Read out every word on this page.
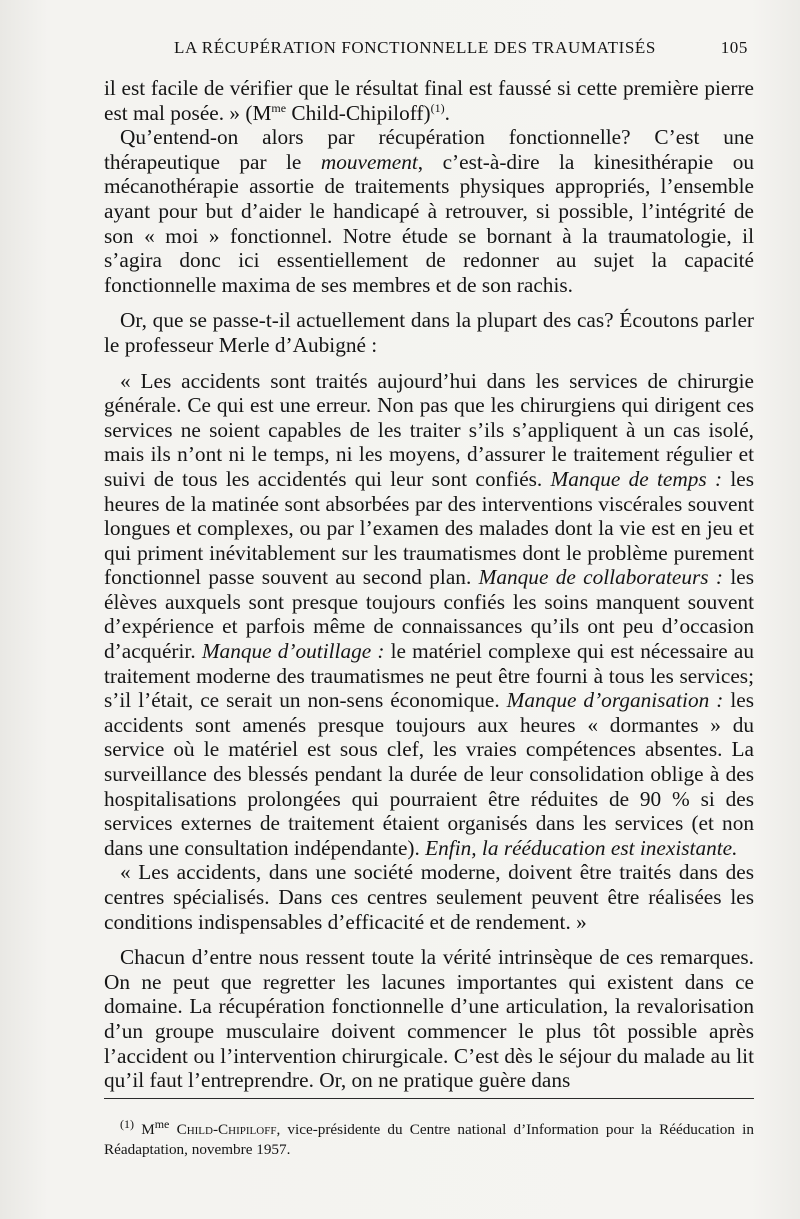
LA RÉCUPÉRATION FONCTIONNELLE DES TRAUMATISÉS	105

il est facile de vérifier que le résultat final est faussé si cette première pierre est mal posée. » ($M^{me}$ Child-Chipiloff)$^{(1)}$.

Qu’entend-on alors par récupération fonctionnelle? C’est une thérapeutique par le mouvement, c’est-à-dire la kinesithérapie ou mécanothérapie assortie de traitements physiques appropriés, l’ensemble ayant pour but d’aider le handicapé à retrouver, si possible, l’intégrité de son « moi » fonctionnel. Notre étude se bornant à la traumatologie, il s’agira donc ici essentiellement de redonner au sujet la capacité fonctionnelle maxima de ses membres et de son rachis.

Or, que se passe-t-il actuellement dans la plupart des cas? Écoutons parler le professeur Merle d’Aubigné :

« Les accidents sont traités aujourd’hui dans les services de chirurgie générale. Ce qui est une erreur. Non pas que les chirurgiens qui dirigent ces services ne soient capables de les traiter s’ils s’appliquent à un cas isolé, mais ils n’ont ni le temps, ni les moyens, d’assurer le traitement régulier et suivi de tous les accidentés qui leur sont confiés. Manque de temps : les heures de la matinée sont absorbées par des interventions viscérales souvent longues et complexes, ou par l’examen des malades dont la vie est en jeu et qui priment inévitablement sur les traumatismes dont le problème purement fonctionnel passe souvent au second plan. Manque de collaborateurs : les élèves auxquels sont presque toujours confiés les soins manquent souvent d’expérience et parfois même de connaissances qu’ils ont peu d’occasion d’acquérir. Manque d’outillage : le matériel complexe qui est nécessaire au traitement moderne des traumatismes ne peut être fourni à tous les services; s’il l’était, ce serait un non-sens économique. Manque d’organisation : les accidents sont amenés presque toujours aux heures « dormantes » du service où le matériel est sous clef, les vraies compétences absentes. La surveillance des blessés pendant la durée de leur consolidation oblige à des hospitalisations prolongées qui pourraient être réduites de 90 % si des services externes de traitement étaient organisés dans les services (et non dans une consultation indépendante). Enfin, la rééducation est inexistante.

« Les accidents, dans une société moderne, doivent être traités dans des centres spécialisés. Dans ces centres seulement peuvent être réalisées les conditions indispensables d’efficacité et de rendement. »

Chacun d’entre nous ressent toute la vérité intrinsèque de ces remarques. On ne peut que regretter les lacunes importantes qui existent dans ce domaine. La récupération fonctionnelle d’une articulation, la revalorisation d’un groupe musculaire doivent commencer le plus tôt possible après l’accident ou l’intervention chirurgicale. C’est dès le séjour du malade au lit qu’il faut l’entreprendre. Or, on ne pratique guère dans

$^{(1)}$ $M^{me}$ Child-Chipiloff, vice-présidente du Centre national d’Information pour la Rééducation in Réadaptation, novembre 1957.
